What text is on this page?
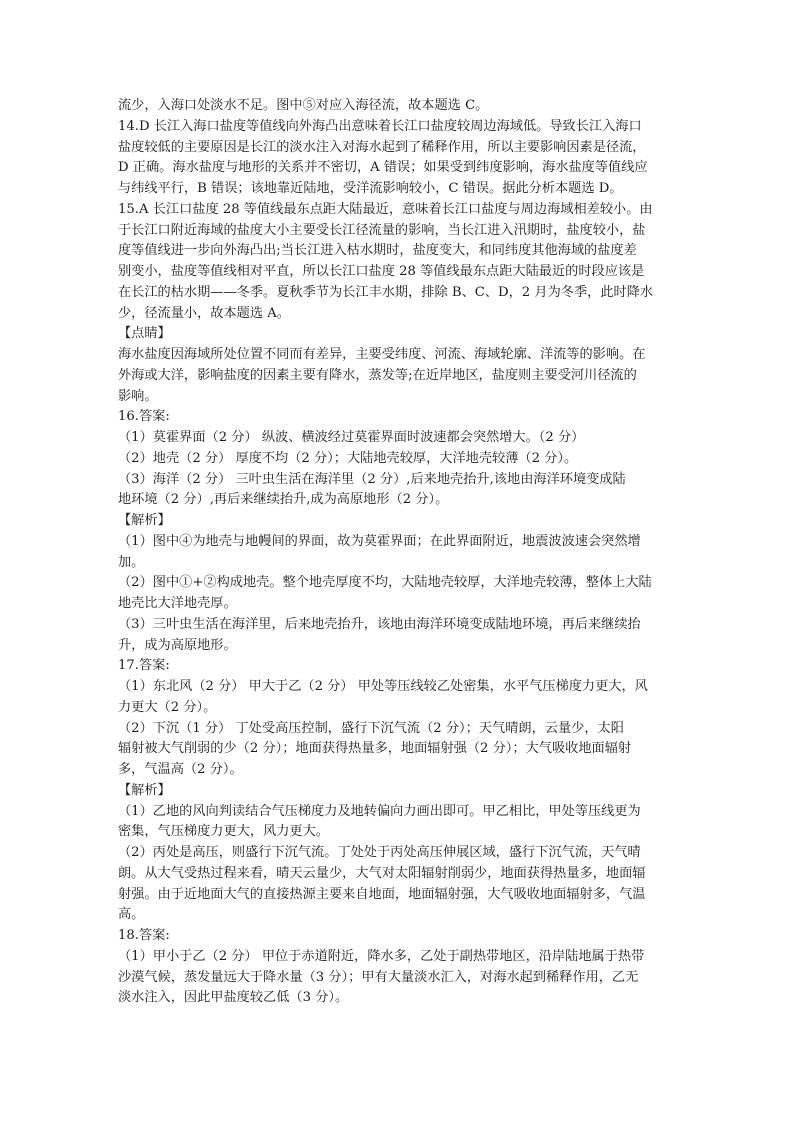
流少，入海口处淡水不足。图中⑤对应入海径流，故本题选 C。
14.D 长江入海口盐度等值线向外海凸出意味着长江口盐度较周边海域低。导致长江入海口
盐度较低的主要原因是长江的淡水注入对海水起到了稀释作用，所以主要影响因素是径流，
D 正确。海水盐度与地形的关系并不密切，A 错误；如果受到纬度影响，海水盐度等值线应
与纬线平行，B 错误；该地靠近陆地，受洋流影响较小，C 错误。据此分析本题选 D。
15.A 长江口盐度 28 等值线最东点距大陆最近，意味着长江口盐度与周边海域相差较小。由
于长江口附近海域的盐度大小主要受长江径流量的影响，当长江进入汛期时，盐度较小，盐
度等值线进一步向外海凸出;当长江进入枯水期时，盐度变大，和同纬度其他海域的盐度差
别变小，盐度等值线相对平直，所以长江口盐度 28 等值线最东点距大陆最近的时段应该是
在长江的枯水期——冬季。夏秋季节为长江丰水期，排除 B、C、D，2 月为冬季，此时降水
少，径流量小，故本题选 A。
【点睛】
海水盐度因海域所处位置不同而有差异，主要受纬度、河流、海域轮廓、洋流等的影响。在
外海或大洋，影响盐度的因素主要有降水，蒸发等;在近岸地区，盐度则主要受河川径流的
影响。
16.答案:
（1）莫霍界面（2 分） 纵波、横波经过莫霍界面时波速都会突然增大。（2 分）
（2）地壳（2 分） 厚度不均（2 分）；大陆地壳较厚，大洋地壳较薄（2 分）。
（3）海洋（2 分） 三叶虫生活在海洋里（2 分）,后来地壳抬升,该地由海洋环境变成陆
地环境（2 分）,再后来继续抬升,成为高原地形（2 分）。
【解析】
（1）图中④为地壳与地幔间的界面，故为莫霍界面；在此界面附近，地震波波速会突然增
加。
（2）图中①+②构成地壳。整个地壳厚度不均，大陆地壳较厚，大洋地壳较薄，整体上大陆
地壳比大洋地壳厚。
（3）三叶虫生活在海洋里，后来地壳抬升，该地由海洋环境变成陆地环境，再后来继续抬
升，成为高原地形。
17.答案:
（1）东北风（2 分） 甲大于乙（2 分） 甲处等压线较乙处密集，水平气压梯度力更大，风
力更大（2 分）。
（2）下沉（1 分） 丁处受高压控制，盛行下沉气流（2 分）；天气晴朗，云量少，太阳
辐射被大气削弱的少（2 分）；地面获得热量多，地面辐射强（2 分）；大气吸收地面辐射
多，气温高（2 分）。
【解析】
（1）乙地的风向判读结合气压梯度力及地转偏向力画出即可。甲乙相比，甲处等压线更为
密集，气压梯度力更大，风力更大。
（2）丙处是高压，则盛行下沉气流。丁处处于丙处高压伸展区域，盛行下沉气流，天气晴
朗。从大气受热过程来看，晴天云量少，大气对太阳辐射削弱少，地面获得热量多，地面辐
射强。由于近地面大气的直接热源主要来自地面，地面辐射强，大气吸收地面辐射多，气温
高。
18.答案:
（1）甲小于乙（2 分） 甲位于赤道附近，降水多，乙处于副热带地区，沿岸陆地属于热带
沙漠气候，蒸发量远大于降水量（3 分）；甲有大量淡水汇入，对海水起到稀释作用，乙无
淡水注入，因此甲盐度较乙低（3 分）。
